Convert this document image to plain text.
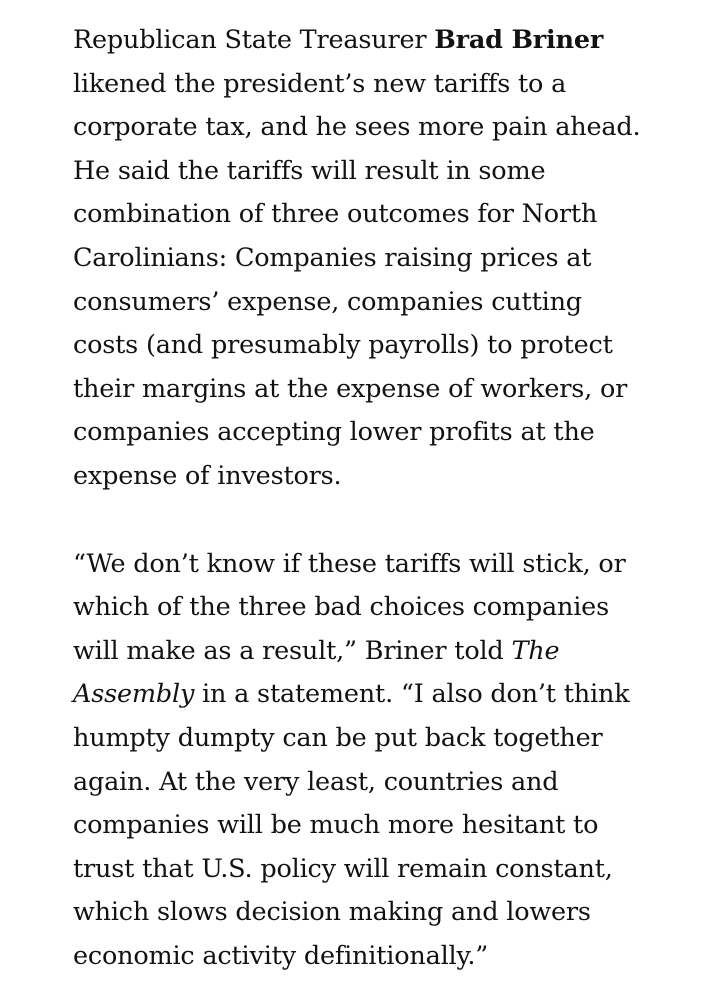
Republican State Treasurer Brad Briner
likened the president’s new tariffs to a
corporate tax, and he sees more pain ahead.
He said the tariffs will result in some
combination of three outcomes for North
Carolinians: Companies raising prices at
consumers’ expense, companies cutting
costs (and presumably payrolls) to protect
their margins at the expense of workers, or
companies accepting lower profits at the
expense of investors.

“We don’t know if these tariffs will stick, or
which of the three bad choices companies
will make as a result,” Briner told The
Assembly in a statement. “I also don’t think
humpty dumpty can be put back together
again. At the very least, countries and
companies will be much more hesitant to
trust that U.S. policy will remain constant,
which slows decision making and lowers
economic activity definitionally.”
